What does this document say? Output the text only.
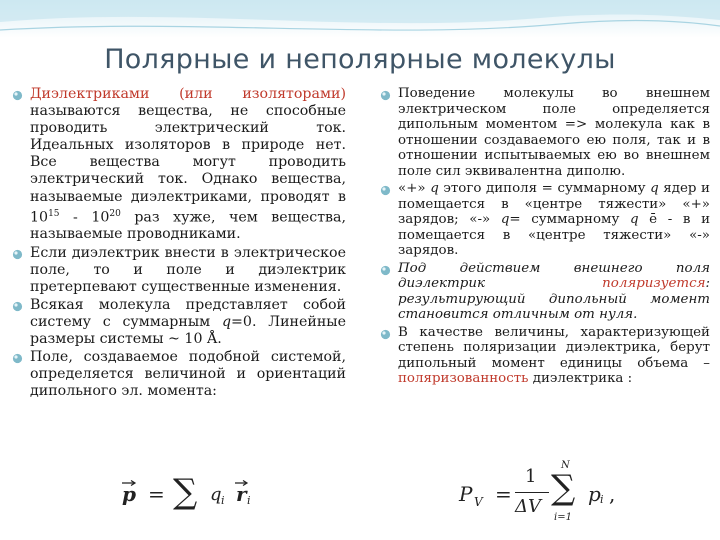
Полярные и неполярные молекулы
Диэлектриками (или изоляторами) называются вещества, не способные проводить электрический ток. Идеальных изоляторов в природе нет. Все вещества могут проводить электрический ток. Однако вещества, называемые диэлектриками, проводят в $10^{15} - 10^{20}$ раз хуже, чем вещества, называемые проводниками.
Если диэлектрик внести в электрическое поле, то и поле и диэлектрик претерпевают существенные изменения.
Всякая молекула представляет собой систему с суммарным q=0. Линейные размеры системы ~ 10 Å.
Поле, создаваемое подобной системой, определяется величиной и ориентаций дипольного эл. момента:
p = ∑ q i r i
Поведение молекулы во внешнем электрическом поле определяется дипольным моментом => молекула как в отношении создаваемого ею поля, так и в отношении испытываемых ею во внешнем поле сил эквивалентна диполю.
«+» q этого диполя = суммарному q ядер и помещается в «центре тяжести» «+» зарядов; «-» q= суммарному q ē - в и помещается в «центре тяжести» «-» зарядов.
Под действием внешнего поля диэлектрик поляризуется: результирующий дипольный момент становится отличным от нуля.
В качестве величины, характеризующей степень поляризации диэлектрика, берут дипольный момент единицы объема – поляризованность диэлектрика :
P V =
1
ΔV
N
∑
i=1
p i ,
